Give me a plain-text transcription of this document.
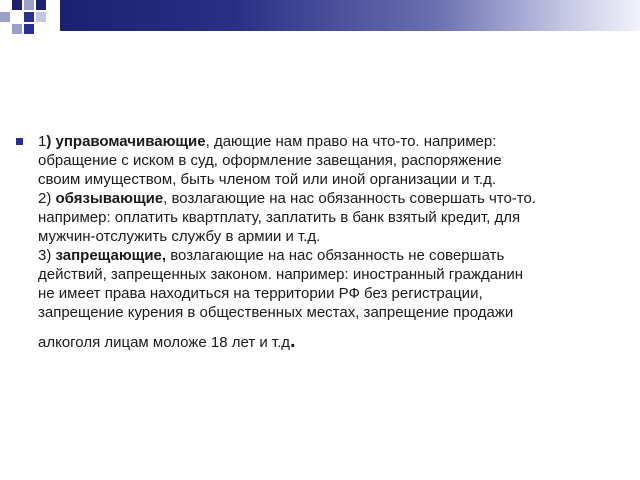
1) управомачивающие, дающие нам право на что-то. например:
обращение с иском в суд, оформление завещания, распоряжение
своим имуществом, быть членом той или иной организации и т.д.
2) обязывающие, возлагающие на нас обязанность совершать что-то.
например: оплатить квартплату, заплатить в банк взятый кредит, для
мужчин-отслужить службу в армии и т.д.
3) запрещающие, возлагающие на нас обязанность не совершать
действий, запрещенных законом. например: иностранный гражданин
не имеет права находиться на территории РФ без регистрации,
запрещение курения в общественных местах, запрещение продажи
алкоголя лицам моложе 18 лет и т.д.
